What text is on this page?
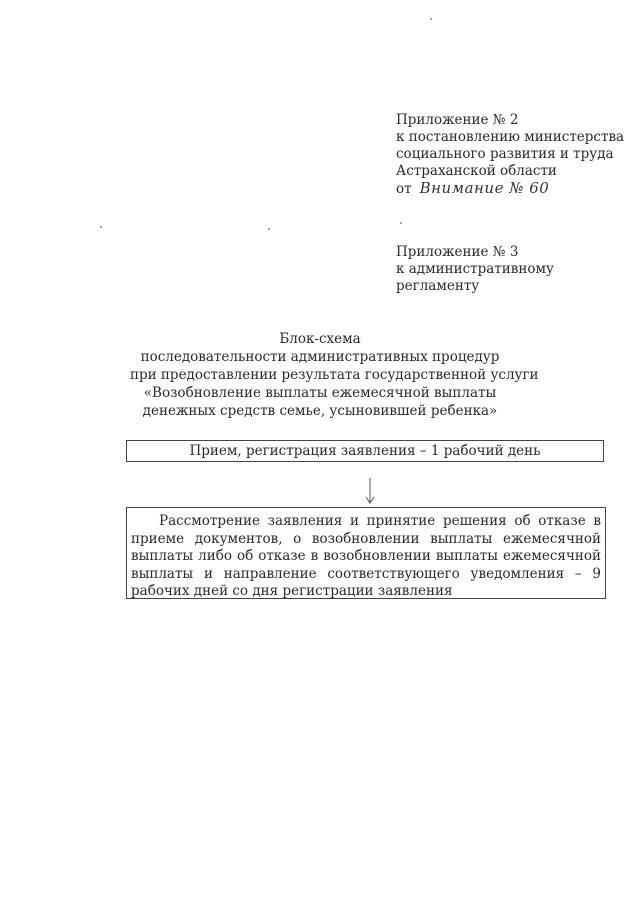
Приложение № 2
к постановлению министерства
социального развития и труда
Астраханской области
от Внимание № 60
Приложение № 3
к административному
регламенту
Блок-схема
последовательности административных процедур
при предоставлении результата государственной услуги
«Возобновление выплаты ежемесячной выплаты
денежных средств семье, усыновившей ребенка»
Прием, регистрация заявления – 1 рабочий день
Рассмотрение заявления и принятие решения об отказе в приеме документов, о возобновлении выплаты ежемесячной выплаты либо об отказе в возобновлении выплаты ежемесячной выплаты и направление соответствующего уведомления – 9 рабочих дней со дня регистрации заявления
